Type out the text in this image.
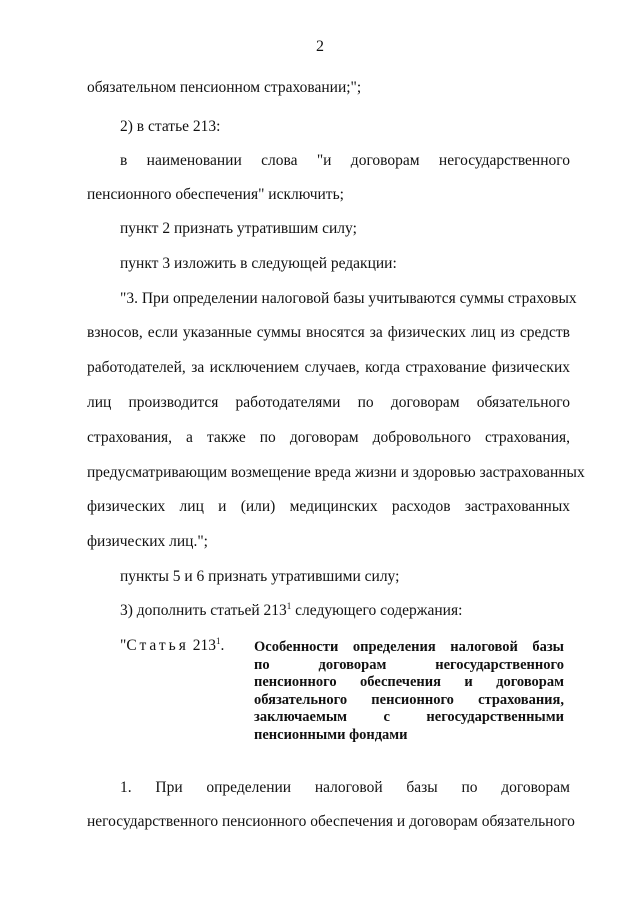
2
обязательном пенсионном страховании;";
2) в статье 213:
в наименовании слова "и договорам негосударственного
пенсионного обеспечения" исключить;
пункт 2 признать утратившим силу;
пункт 3 изложить в следующей редакции:
"3. При определении налоговой базы учитываются суммы страховых
взносов, если указанные суммы вносятся за физических лиц из средств
работодателей, за исключением случаев, когда страхование физических
лиц производится работодателями по договорам обязательного
страхования, а также по договорам добровольного страхования,
предусматривающим возмещение вреда жизни и здоровью застрахованных
физических лиц и (или) медицинских расходов застрахованных
физических лиц.";
пункты 5 и 6 признать утратившими силу;
3) дополнить статьей $213^1$ следующего содержания:
"Статья $213^1$. Особенности определения налоговой базы
по договорам негосударственного
пенсионного обеспечения и договорам
обязательного пенсионного страхования,
заключаемым с негосударственными
пенсионными фондами
1. При определении налоговой базы по договорам
негосударственного пенсионного обеспечения и договорам обязательного
